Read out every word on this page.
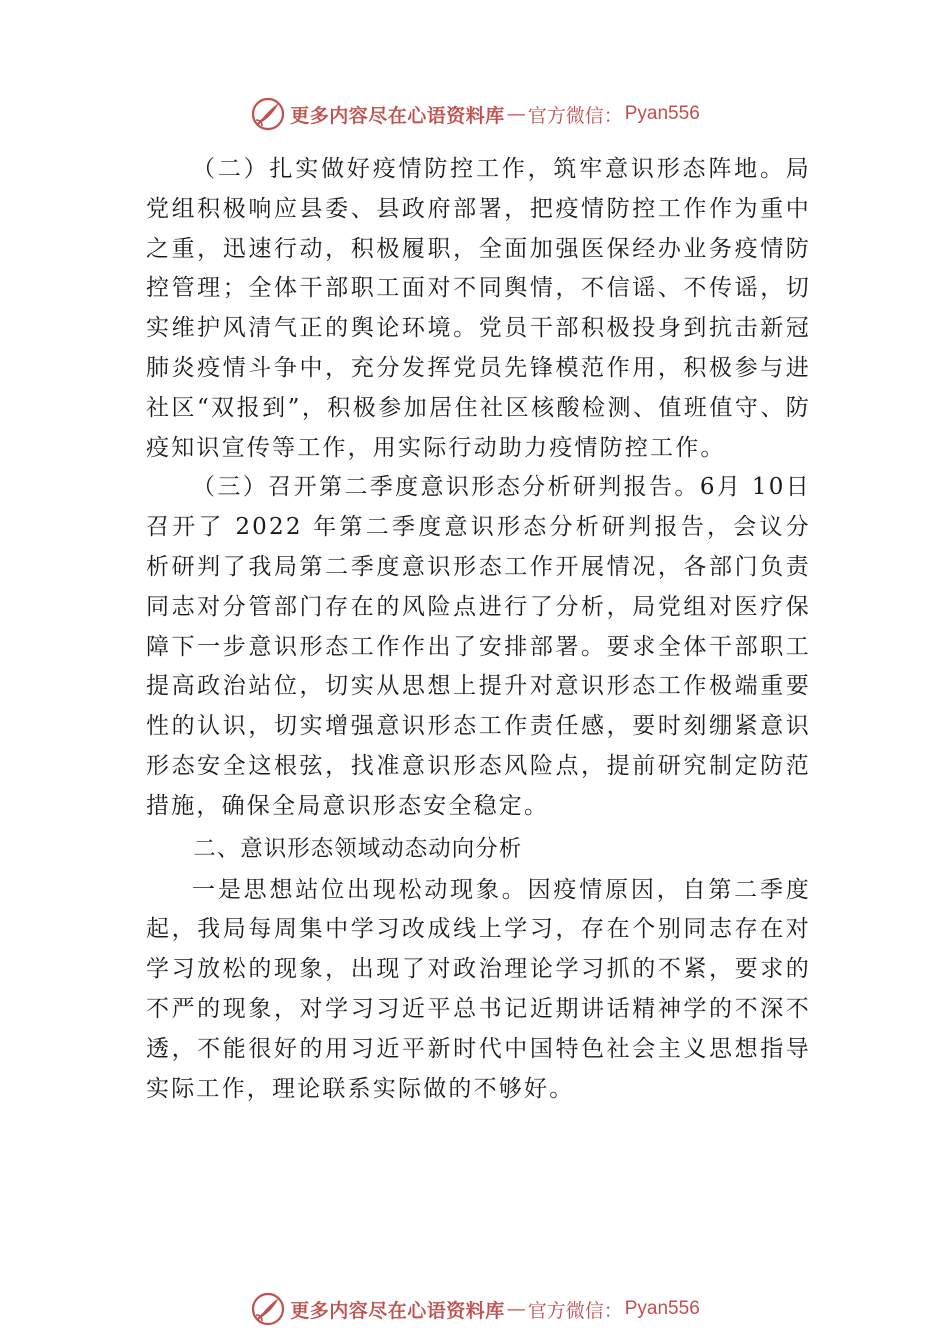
更多内容尽在心语资料库 — 官方微信： Pyan556

（二）扎实做好疫情防控工作，筑牢意识形态阵地。局党组积极响应县委、县政府部署，把疫情防控工作作为重中之重，迅速行动，积极履职，全面加强医保经办业务疫情防控管理；全体干部职工面对不同舆情，不信谣、不传谣，切实维护风清气正的舆论环境。党员干部积极投身到抗击新冠肺炎疫情斗争中，充分发挥党员先锋模范作用，积极参与进社区“双报到”，积极参加居住社区核酸检测、值班值守、防疫知识宣传等工作，用实际行动助力疫情防控工作。

（三）召开第二季度意识形态分析研判报告。6月 10日召开了 2022 年第二季度意识形态分析研判报告，会议分析研判了我局第二季度意识形态工作开展情况，各部门负责同志对分管部门存在的风险点进行了分析，局党组对医疗保障下一步意识形态工作作出了安排部署。要求全体干部职工提高政治站位，切实从思想上提升对意识形态工作极端重要性的认识，切实增强意识形态工作责任感，要时刻绷紧意识形态安全这根弦，找准意识形态风险点，提前研究制定防范措施，确保全局意识形态安全稳定。

二、意识形态领域动态动向分析

一是思想站位出现松动现象。因疫情原因，自第二季度起，我局每周集中学习改成线上学习，存在个别同志存在对学习放松的现象，出现了对政治理论学习抓的不紧，要求的不严的现象，对学习习近平总书记近期讲话精神学的不深不透，不能很好的用习近平新时代中国特色社会主义思想指导实际工作，理论联系实际做的不够好。

更多内容尽在心语资料库 — 官方微信： Pyan556
